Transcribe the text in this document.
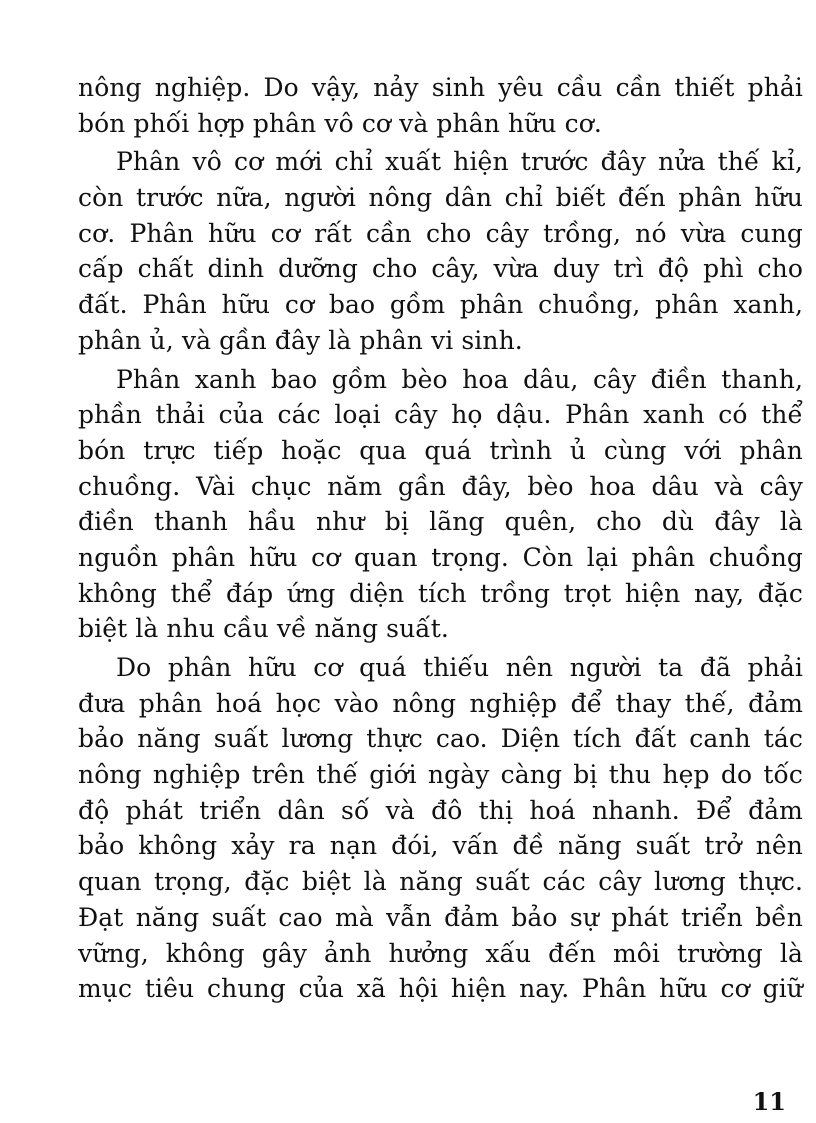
nông nghiệp. Do vậy, nảy sinh yêu cầu cần thiết phải
bón phối hợp phân vô cơ và phân hữu cơ.
Phân vô cơ mới chỉ xuất hiện trước đây nửa thế kỉ,
còn trước nữa, người nông dân chỉ biết đến phân hữu
cơ. Phân hữu cơ rất cần cho cây trồng, nó vừa cung
cấp chất dinh dưỡng cho cây, vừa duy trì độ phì cho
đất. Phân hữu cơ bao gồm phân chuồng, phân xanh,
phân ủ, và gần đây là phân vi sinh.
Phân xanh bao gồm bèo hoa dâu, cây điền thanh,
phần thải của các loại cây họ dậu. Phân xanh có thể
bón trực tiếp hoặc qua quá trình ủ cùng với phân
chuồng. Vài chục năm gần đây, bèo hoa dâu và cây
điền thanh hầu như bị lãng quên, cho dù đây là
nguồn phân hữu cơ quan trọng. Còn lại phân chuồng
không thể đáp ứng diện tích trồng trọt hiện nay, đặc
biệt là nhu cầu về năng suất.
Do phân hữu cơ quá thiếu nên người ta đã phải
đưa phân hoá học vào nông nghiệp để thay thế, đảm
bảo năng suất lương thực cao. Diện tích đất canh tác
nông nghiệp trên thế giới ngày càng bị thu hẹp do tốc
độ phát triển dân số và đô thị hoá nhanh. Để đảm
bảo không xảy ra nạn đói, vấn đề năng suất trở nên
quan trọng, đặc biệt là năng suất các cây lương thực.
Đạt năng suất cao mà vẫn đảm bảo sự phát triển bền
vững, không gây ảnh hưởng xấu đến môi trường là
mục tiêu chung của xã hội hiện nay. Phân hữu cơ giữ
11
